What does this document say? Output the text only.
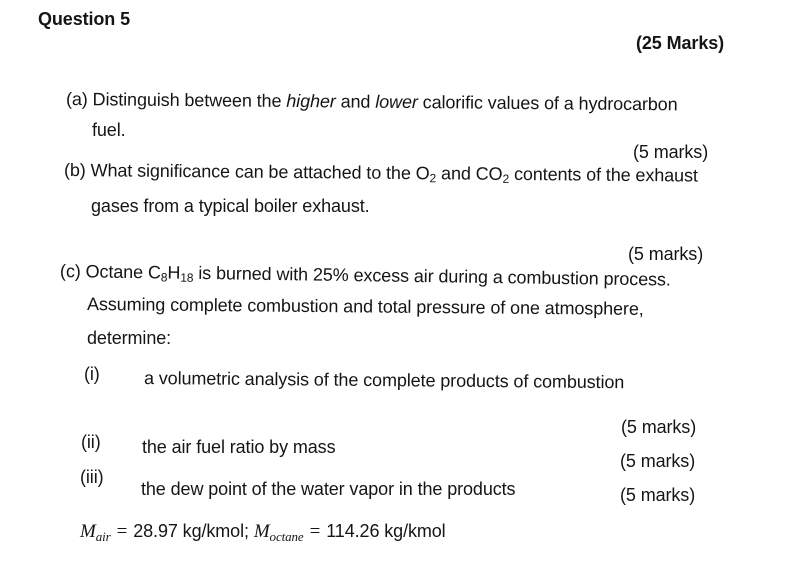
Question 5
(25 Marks)
(a) Distinguish between the higher and lower calorific values of a hydrocarbon
fuel.
(5 marks)
(b) What significance can be attached to the O2 and CO2 contents of the exhaust
gases from a typical boiler exhaust.
(5 marks)
(c) Octane C8H18 is burned with 25% excess air during a combustion process.
Assuming complete combustion and total pressure of one atmosphere,
determine:
(i) a volumetric analysis of the complete products of combustion
(5 marks)
(ii) the air fuel ratio by mass
(5 marks)
(iii)
the dew point of the water vapor in the products	(5 marks)
$M_{air} = 28.97$ kg/kmol; $M_{octane} = 114.26$ kg/kmol
